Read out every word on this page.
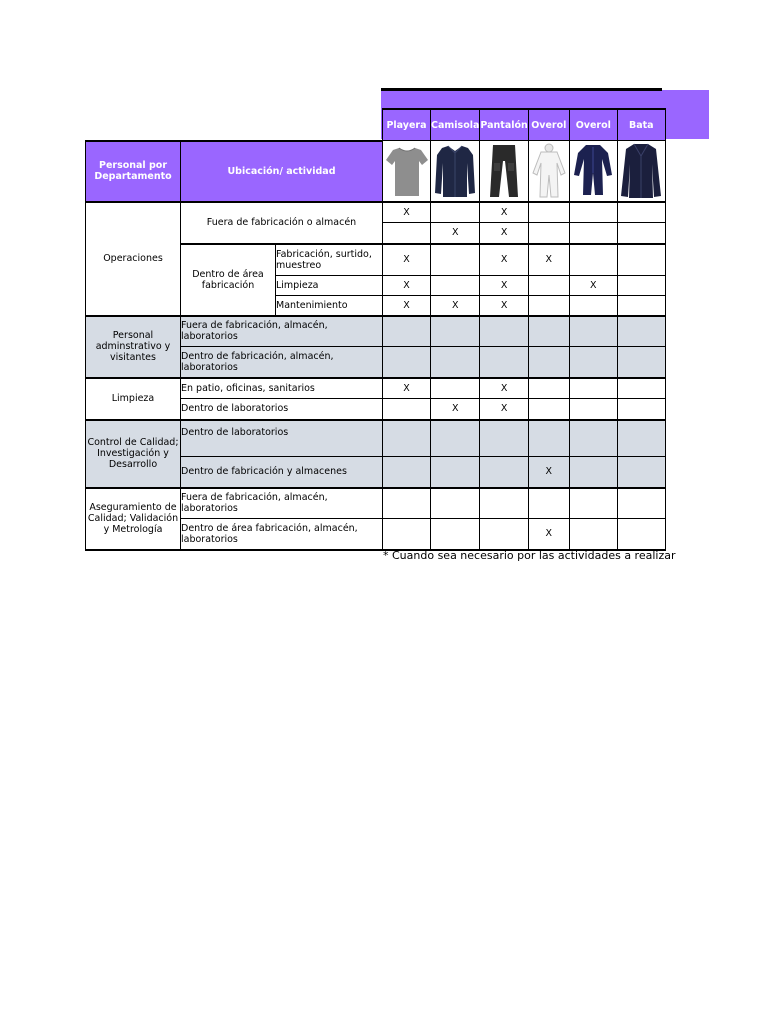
			Playera	Camisola	Pantalón	Overol	Overol	Bata
Personal por Departamento	Ubicación/ actividad	

Operaciones	Fuera de fabricación o almacén		X		X			
				X	X			
	Dentro de área fabricación	Fabricación, surtido, muestreo	X		X	X		
		Limpieza	X		X		X	
		Mantenimiento	X	X	X			
Personal adminstrativo y visitantes	Fuera de fabricación, almacén, laboratorios							
	Dentro de fabricación, almacén, laboratorios							
Limpieza	En patio, oficinas, sanitarios		X		X			
	Dentro de laboratorios			X	X			
Control de Calidad; Investigación y Desarrollo	Dentro de laboratorios							
	Dentro de fabricación y almacenes					X		
Aseguramiento de Calidad; Validación y Metrología	Fuera de fabricación, almacén, laboratorios							
	Dentro de área fabricación, almacén, laboratorios					X		
* Cuando sea necesario por las actividades a realizar
